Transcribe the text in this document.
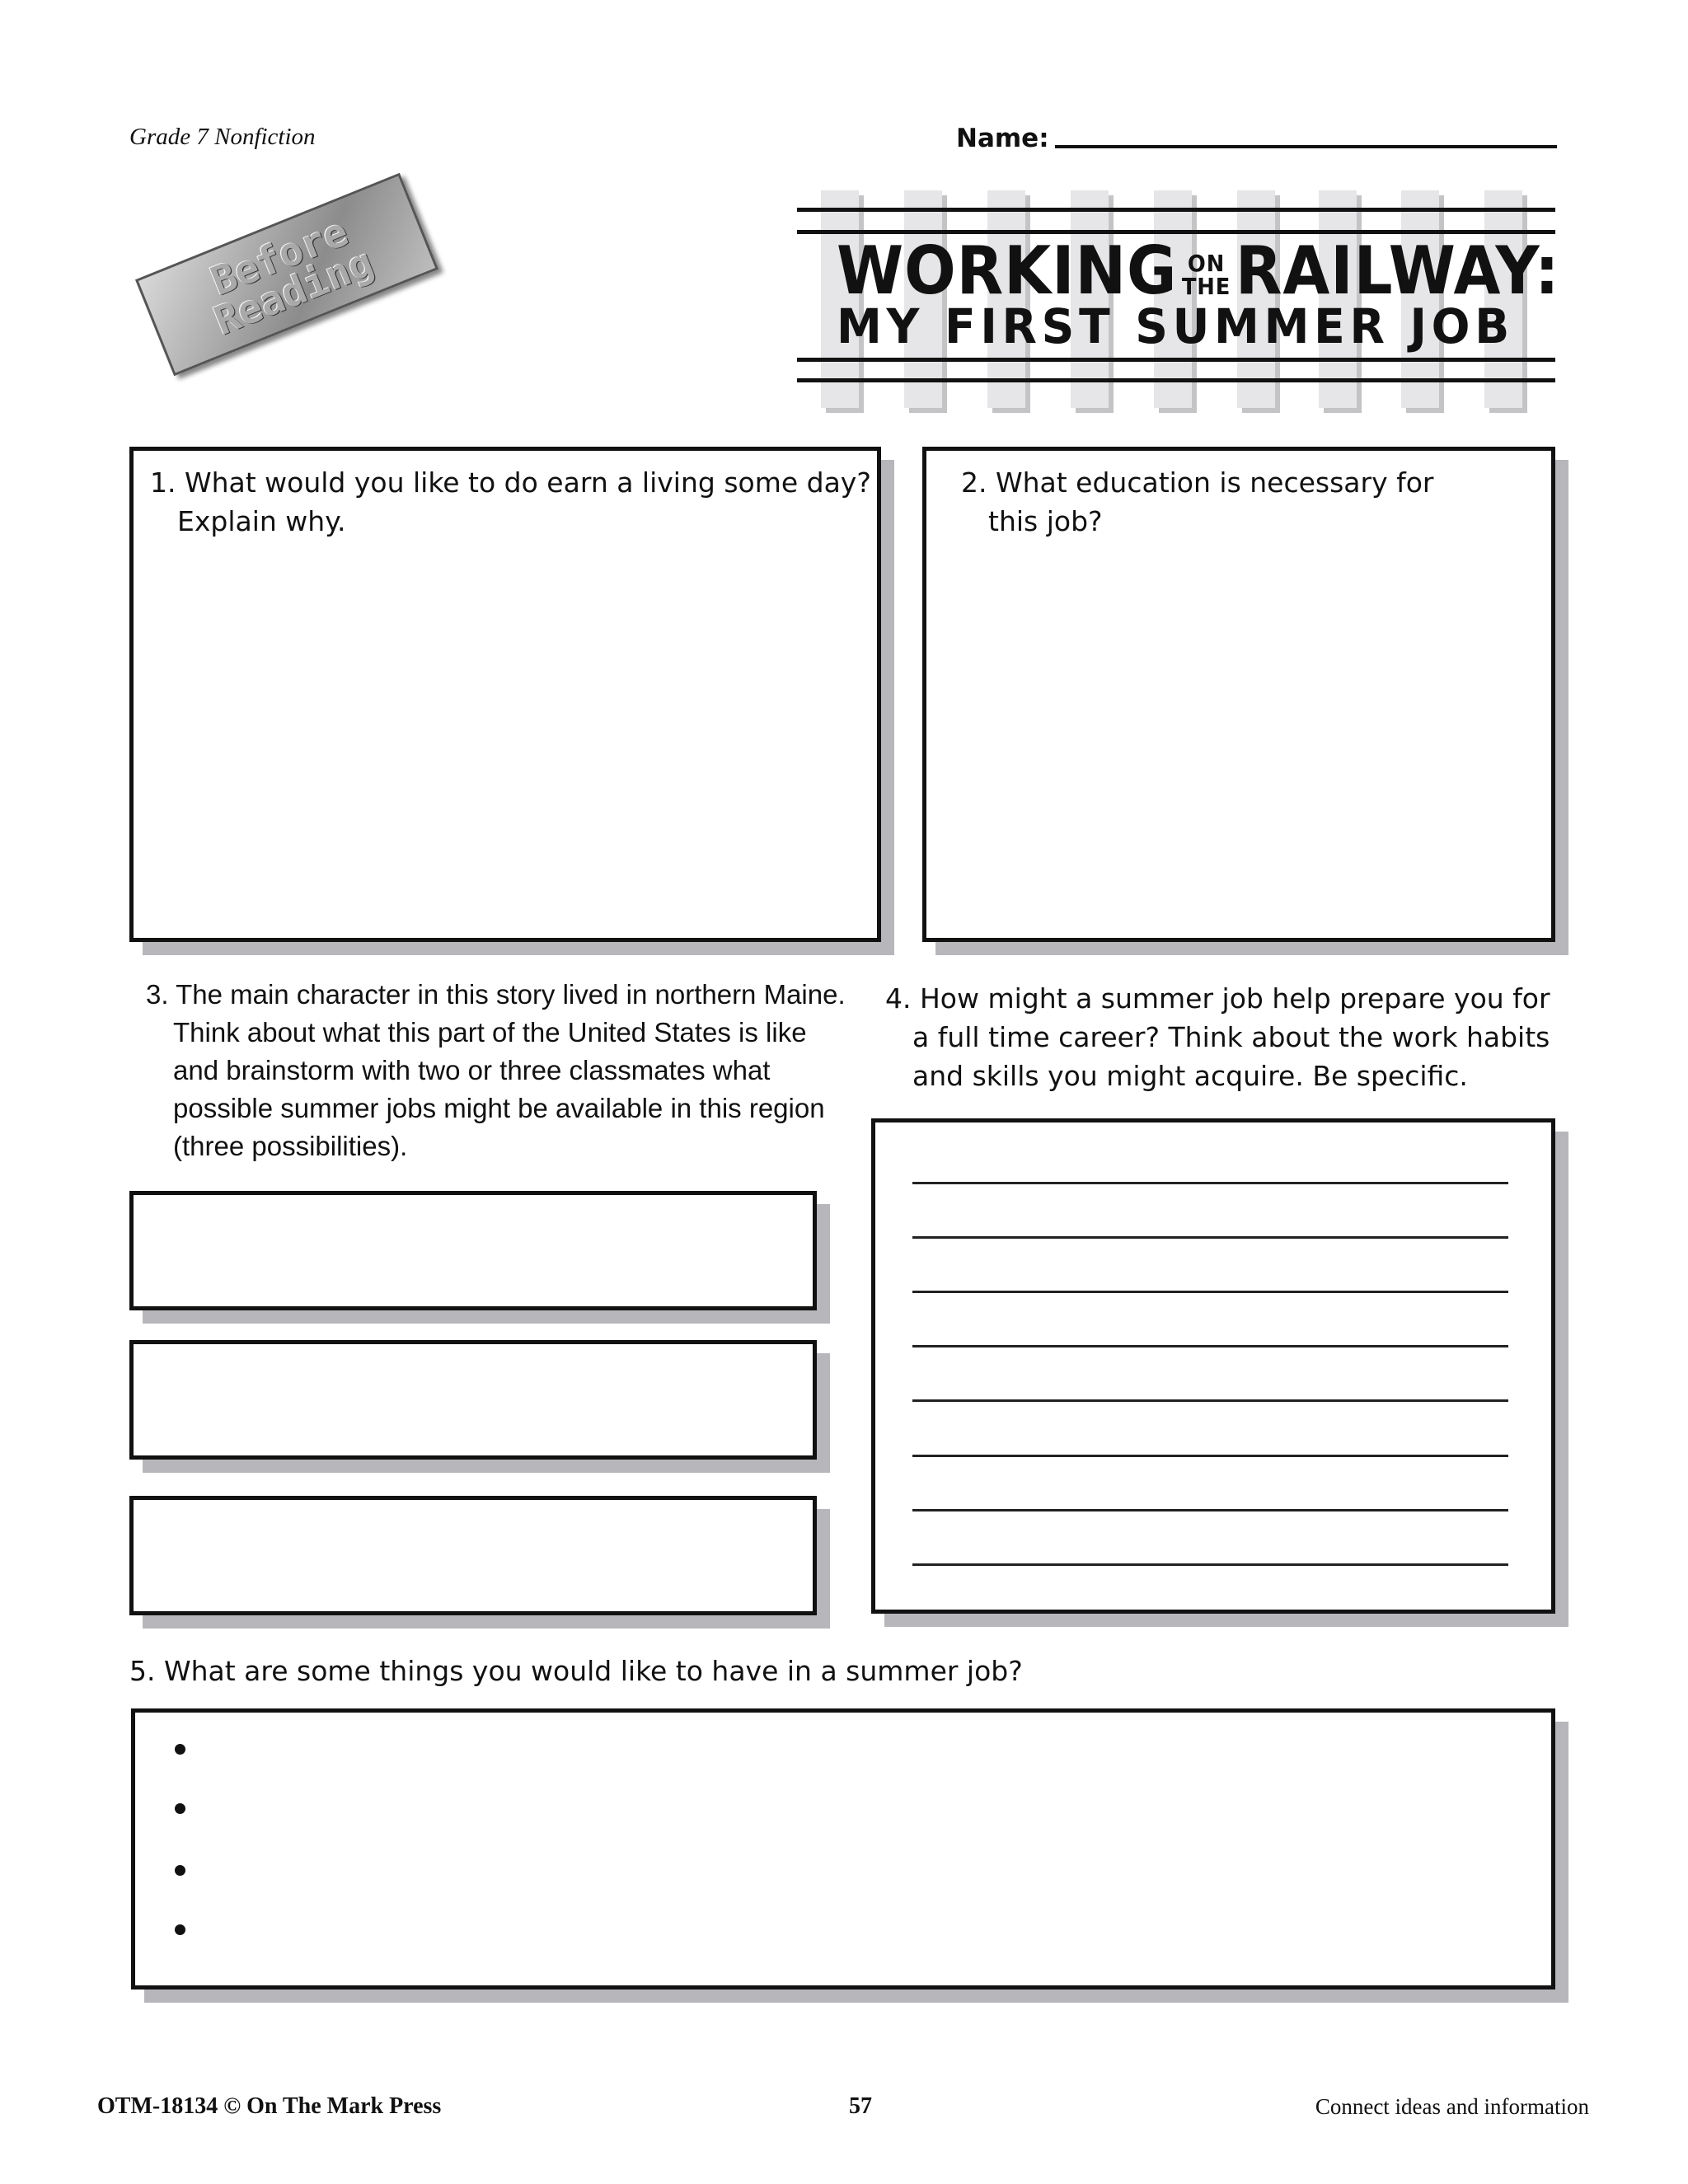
Grade 7 Nonfiction	Name:
Before Reading	WORKING ON
THERAILWAY:
MY FIRST SUMMER JOB
1. What would you like to do earn a living some day?
Explain why.
2. What education is necessary for
this job?
3. The main character in this story lived in northern Maine. Think about what this part of the United States is like and brainstorm with two or three classmates what possible summer jobs might be available in this region (three possibilities).
4. How might a summer job help prepare you for a full time career? Think about the work habits and skills you might acquire. Be specific.
5. What are some things you would like to have in a summer job?
OTM-18134 © On The Mark Press	57	Connect ideas and information
